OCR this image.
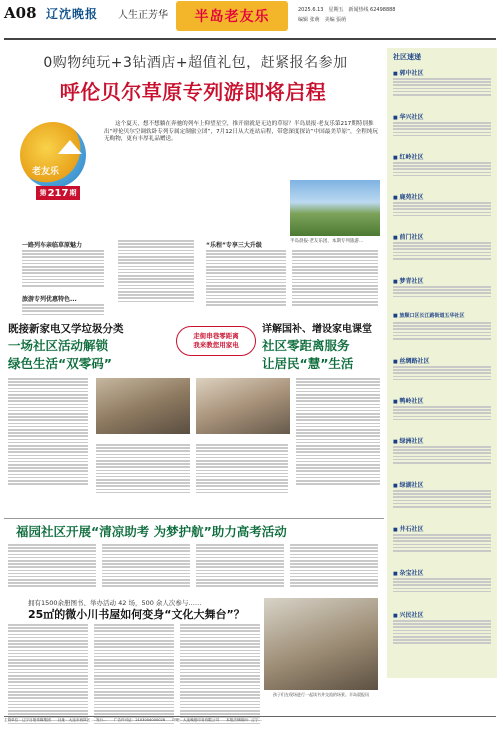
A08 辽沈晚报 人生正芳华 半岛老友乐	2025.6.13　星期五　新闻热线 62498888
编辑 张萌　美编 張萌
0购物纯玩+3钻酒店+超值礼包，赶紧报名参加
呼伦贝尔草原专列游即将启程
老友乐
第 217 期
这个夏天，想不想躺在奔驰的列车上仰望星空，推开窗就是无边的草原？半岛晨报·老友乐第217期特别推出“呼伦贝尔空调软卧专列专属定制旅立团”，7月12日从大连站启程，带您深度探访“中国最美草原”，全程纯玩无购物，更有丰厚礼品赠送。
半岛晨报·老友乐团，本期专列旅游...
一路列车亲临草原魅力
旅游专列优惠特色...
“乐程”专享三大升级
既接新家电又学垃圾分类
一场社区活动解锁
绿色生活“双零码”
走街串巷零距离
我来教您用家电
详解国补、增设家电课堂
社区零距离服务
让居民“慧”生活
福园社区开展“清凉助考 为梦护航”助力高考活动
拥有1500余册图书、举办活动 42 场，500 余人次参与……
25㎡的微小川书屋如何变身“文化大舞台”？
孩子们在现场进行一起读书并交流的场景。半岛晨报讯
社区速递
■ 郭中社区
■ 华兴社区
■ 红岭社区
■ 鹿苑社区
■ 前门社区
■ 梦青社区
■ 旅顺口区长江路街道五华社区
■ 丝绸路社区
■ 鸭岭社区
■ 绿洲社区
■ 绿湖社区
■ 井石社区
■ 杂宝社区
■ 兴民社区
主管单位：辽宁日报传媒集团　　社址：大连市西岗区 ... 发行...　　广告许可证：2103004000028　　印刷：大连晚报印务有限公司　　本报法律顾问：辽宁...
